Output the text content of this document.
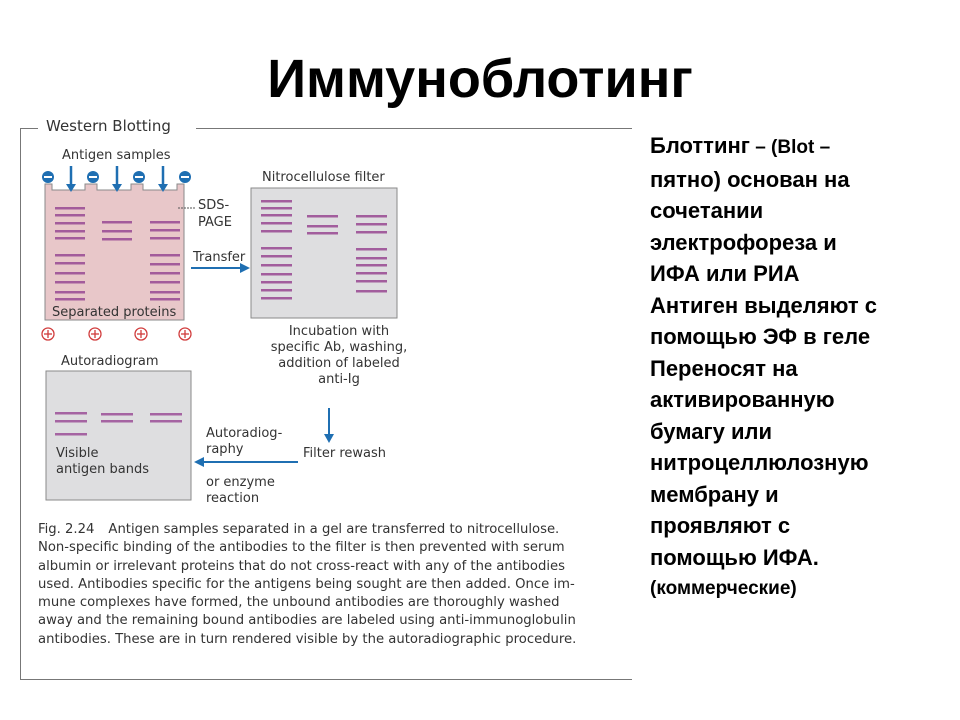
Иммуноблотинг
Western Blotting
Antigen samples
SDS-
PAGE
Separated proteins
Nitrocellulose filter
Transfer
Incubation with
specific Ab, washing,
addition of labeled
anti-Ig
Autoradiogram
Visible
antigen bands
Autoradiog-
raphy
or enzyme
reaction
Filter rewash
Fig. 2.24 Antigen samples separated in a gel are transferred to nitrocellulose.
Non-specific binding of the antibodies to the filter is then prevented with serum
albumin or irrelevant proteins that do not cross-react with any of the antibodies
used. Antibodies specific for the antigens being sought are then added. Once im-
mune complexes have formed, the unbound antibodies are thoroughly washed
away and the remaining bound antibodies are labeled using anti-immunoglobulin
antibodies. These are in turn rendered visible by the autoradiographic procedure.
Блоттинг – (Blot –
пятно) основан на
сочетании
электрофореза и
ИФА или РИА
Антиген выделяют с
помощью ЭФ в геле
Переносят на
активированную
бумагу или
нитроцеллюлозную
мембрану и
проявляют с
помощью ИФА.
(коммерческие)
